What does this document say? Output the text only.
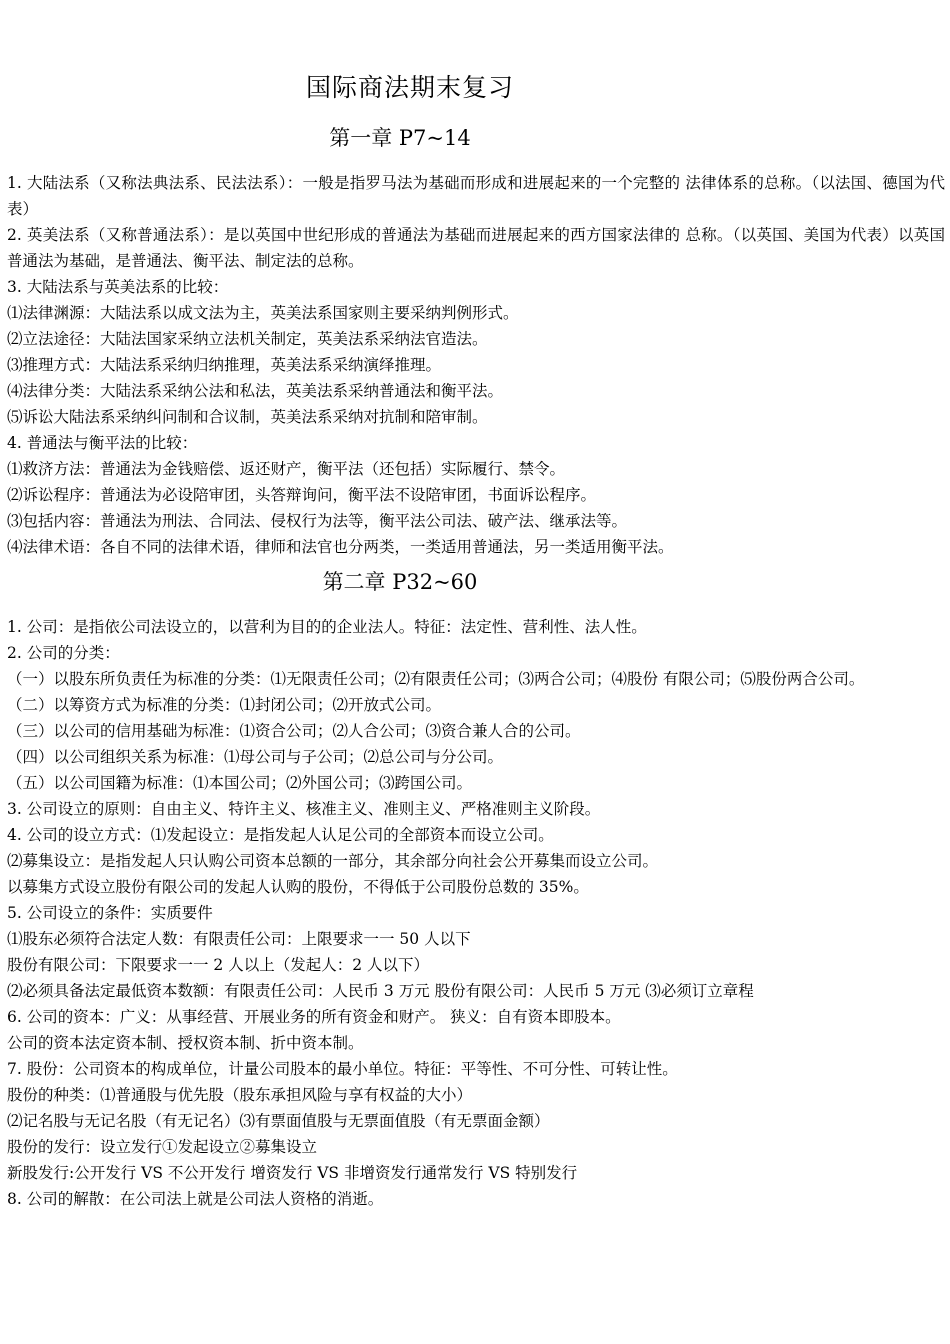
国际商法期末复习
第一章 P7~14
1. 大陆法系（又称法典法系、民法法系）：一般是指罗马法为基础而形成和进展起来的一个完整的 法律体系的总称。（以法国、德国为代表）
2. 英美法系（又称普通法系）：是以英国中世纪形成的普通法为基础而进展起来的西方国家法律的 总称。（以英国、美国为代表）以英国普通法为基础，是普通法、衡平法、制定法的总称。
3. 大陆法系与英美法系的比较：
⑴法律渊源：大陆法系以成文法为主，英美法系国家则主要采纳判例形式。
⑵立法途径：大陆法国家采纳立法机关制定，英美法系采纳法官造法。
⑶推理方式：大陆法系采纳归纳推理，英美法系采纳演绎推理。
⑷法律分类：大陆法系采纳公法和私法，英美法系采纳普通法和衡平法。
⑸诉讼大陆法系采纳纠问制和合议制，英美法系采纳对抗制和陪审制。
4. 普通法与衡平法的比较：
⑴救济方法：普通法为金钱赔偿、返还财产，衡平法（还包括）实际履行、禁令。
⑵诉讼程序：普通法为必设陪审团，头答辩询问，衡平法不设陪审团，书面诉讼程序。
⑶包括内容：普通法为刑法、合同法、侵权行为法等，衡平法公司法、破产法、继承法等。
⑷法律术语：各自不同的法律术语，律师和法官也分两类，一类适用普通法，另一类适用衡平法。
第二章 P32~60
1. 公司：是指依公司法设立的，以营利为目的的企业法人。特征：法定性、营利性、法人性。
2. 公司的分类：
（一）以股东所负责任为标准的分类：⑴无限责任公司；⑵有限责任公司；⑶两合公司；⑷股份 有限公司；⑸股份两合公司。
（二）以筹资方式为标准的分类：⑴封闭公司；⑵开放式公司。
（三）以公司的信用基础为标准：⑴资合公司；⑵人合公司；⑶资合兼人合的公司。
（四）以公司组织关系为标准：⑴母公司与子公司；⑵总公司与分公司。
（五）以公司国籍为标准：⑴本国公司；⑵外国公司；⑶跨国公司。
3. 公司设立的原则：自由主义、特许主义、核准主义、准则主义、严格准则主义阶段。
4. 公司的设立方式：⑴发起设立：是指发起人认足公司的全部资本而设立公司。
⑵募集设立：是指发起人只认购公司资本总额的一部分，其余部分向社会公开募集而设立公司。
以募集方式设立股份有限公司的发起人认购的股份，不得低于公司股份总数的 35%。
5. 公司设立的条件：实质要件
⑴股东必须符合法定人数：有限责任公司：上限要求一一 50 人以下
股份有限公司：下限要求一一 2 人以上（发起人：2 人以下）
⑵必须具备法定最低资本数额：有限责任公司：人民币 3 万元 股份有限公司：人民币 5 万元 ⑶必须订立章程
6. 公司的资本：广义：从事经营、开展业务的所有资金和财产。 狭义：自有资本即股本。
公司的资本法定资本制、授权资本制、折中资本制。
7. 股份：公司资本的构成单位，计量公司股本的最小单位。特征：平等性、不可分性、可转让性。
股份的种类：⑴普通股与优先股（股东承担风险与享有权益的大小）
⑵记名股与无记名股（有无记名）⑶有票面值股与无票面值股（有无票面金额）
股份的发行：设立发行①发起设立②募集设立
新股发行:公开发行 VS 不公开发行 增资发行 VS 非增资发行通常发行 VS 特别发行
8. 公司的解散：在公司法上就是公司法人资格的消逝。
